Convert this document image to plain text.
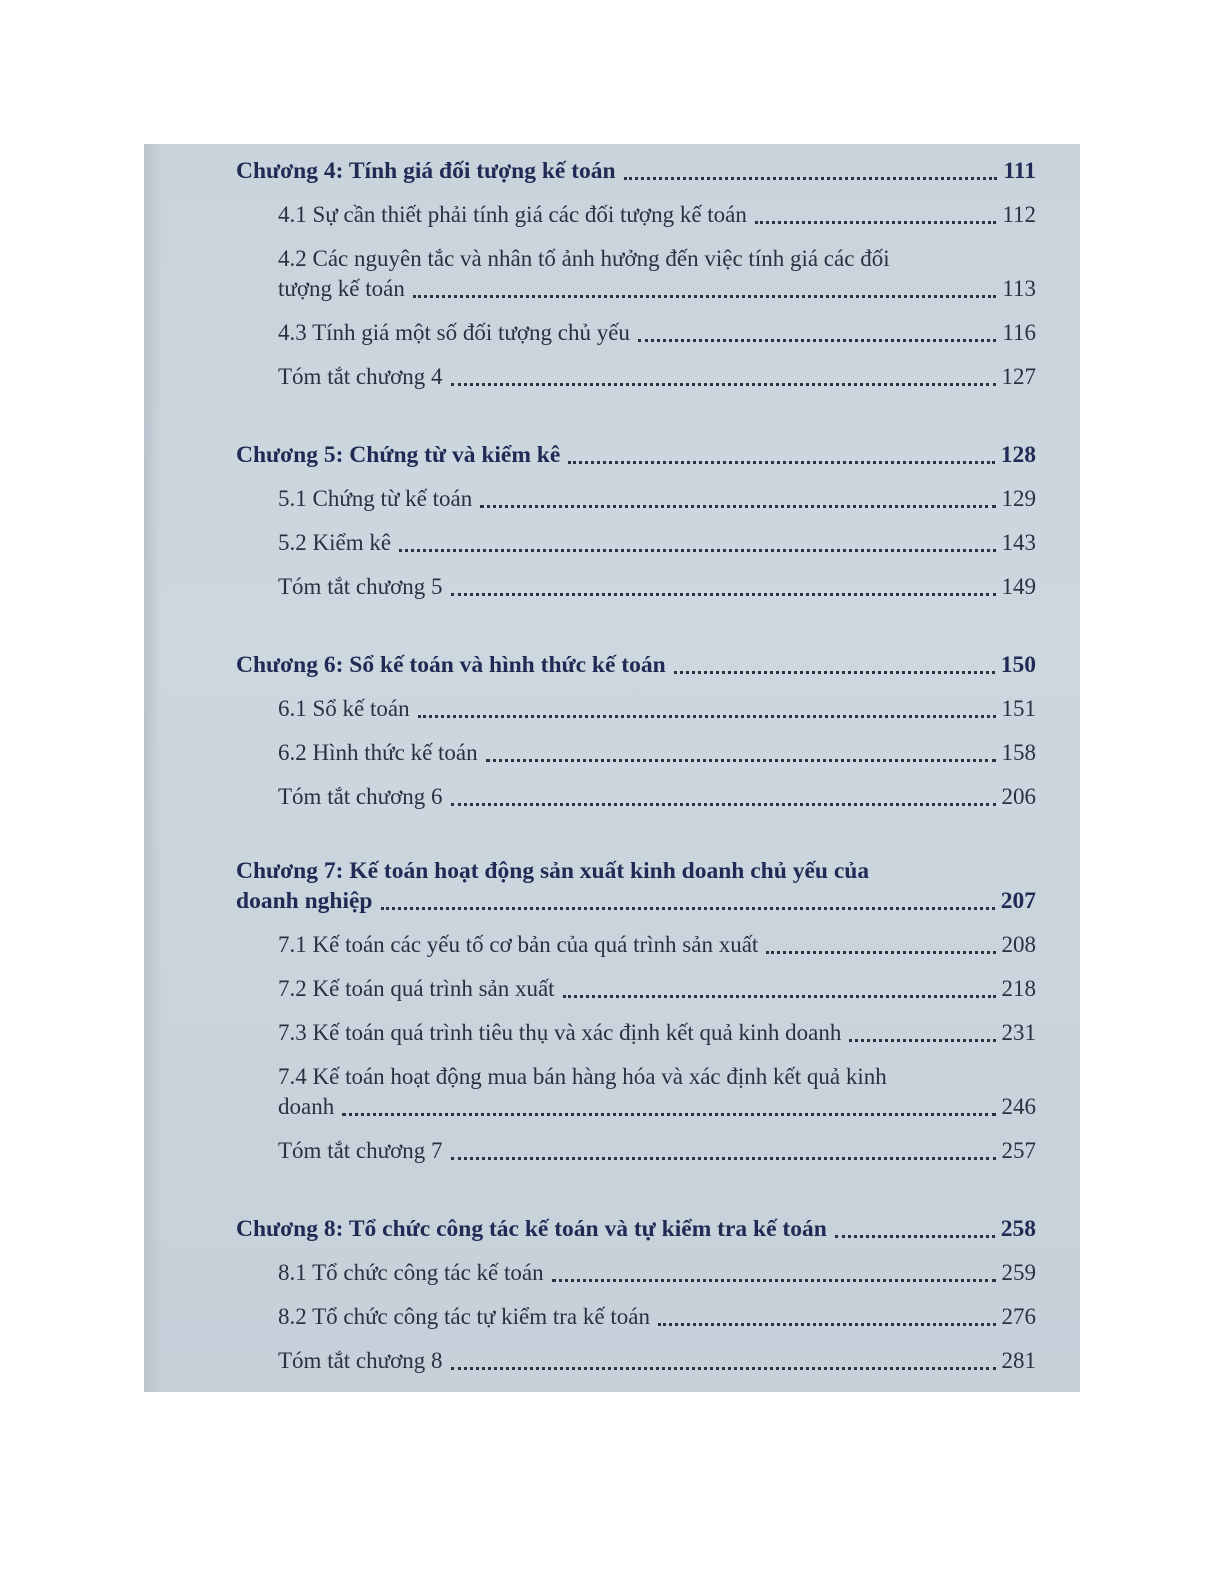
Chương 4: Tính giá đối tượng kế toán	111
4.1 Sự cần thiết phải tính giá các đối tượng kế toán	112
4.2 Các nguyên tắc và nhân tố ảnh hưởng đến việc tính giá các đối
tượng kế toán	113
4.3 Tính giá một số đối tượng chủ yếu	116
Tóm tắt chương 4	127
Chương 5: Chứng từ và kiểm kê	128
5.1 Chứng từ kế toán	129
5.2 Kiểm kê	143
Tóm tắt chương 5	149
Chương 6: Sổ kế toán và hình thức kế toán	150
6.1 Sổ kế toán	151
6.2 Hình thức kế toán	158
Tóm tắt chương 6	206
Chương 7: Kế toán hoạt động sản xuất kinh doanh chủ yếu của
doanh nghiệp	207
7.1 Kế toán các yếu tố cơ bản của quá trình sản xuất	208
7.2 Kế toán quá trình sản xuất	218
7.3 Kế toán quá trình tiêu thụ và xác định kết quả kinh doanh	231
7.4 Kế toán hoạt động mua bán hàng hóa và xác định kết quả kinh
doanh	246
Tóm tắt chương 7	257
Chương 8: Tổ chức công tác kế toán và tự kiểm tra kế toán	258
8.1 Tổ chức công tác kế toán	259
8.2 Tổ chức công tác tự kiểm tra kế toán	276
Tóm tắt chương 8	281
